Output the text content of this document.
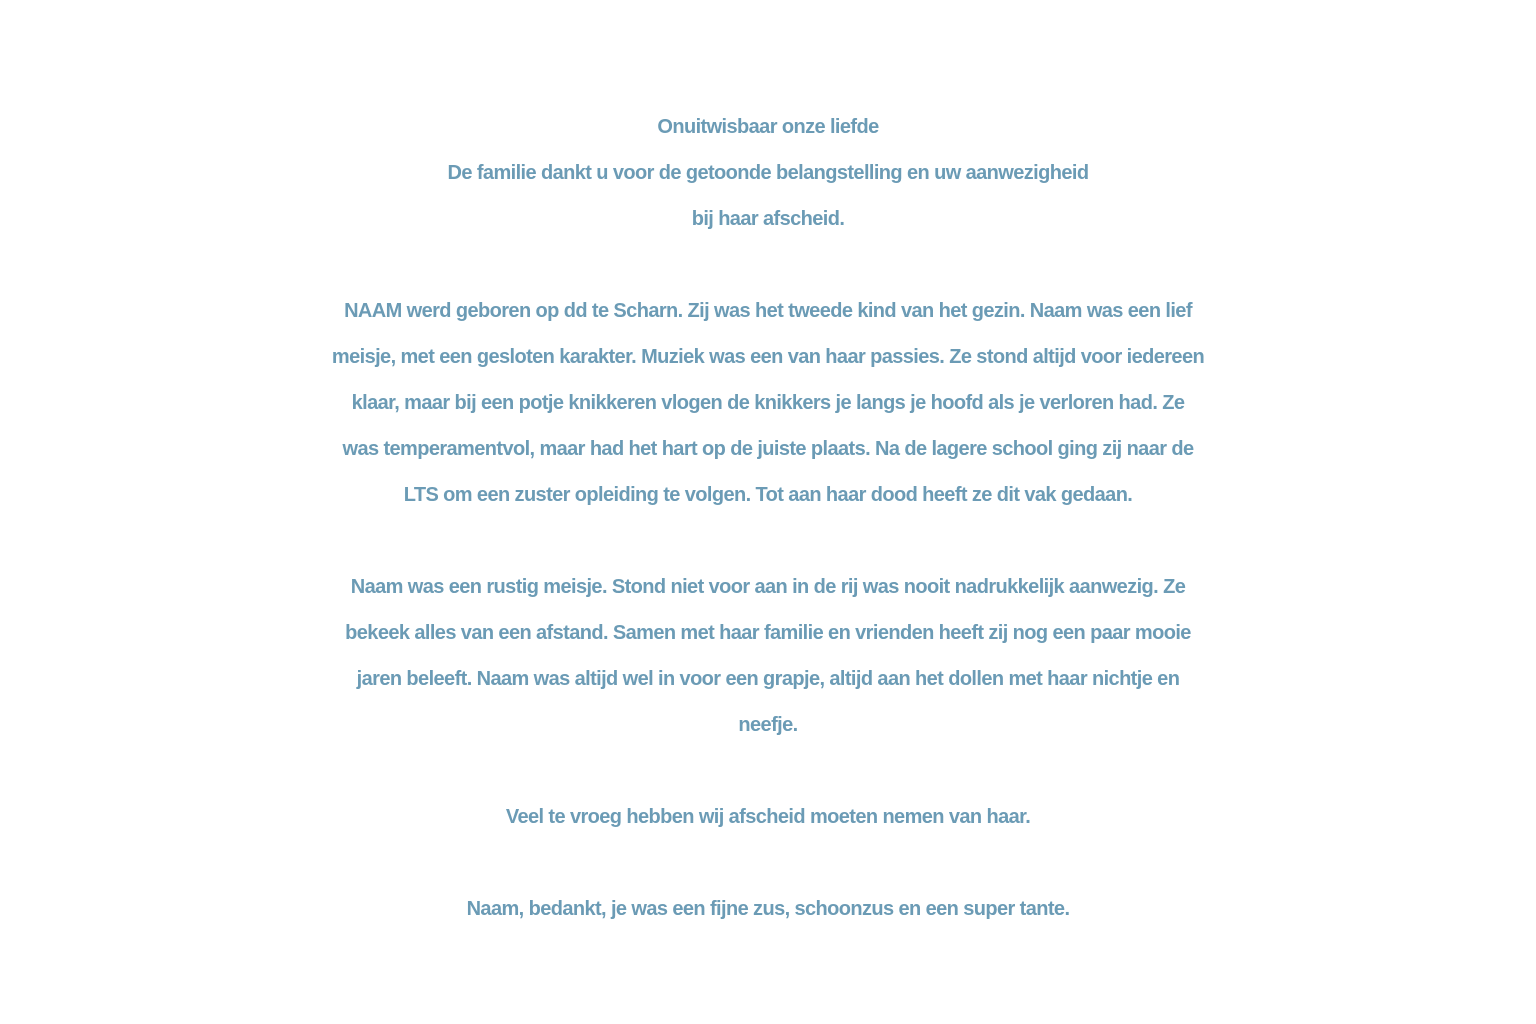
Onuitwisbaar onze liefde
De familie dankt u voor de getoonde belangstelling en uw aanwezigheid
bij haar afscheid.
NAAM werd geboren op dd te Scharn. Zij was het tweede kind van het gezin. Naam was een lief
meisje, met een gesloten karakter. Muziek was een van haar passies. Ze stond altijd voor iedereen
klaar, maar bij een potje knikkeren vlogen de knikkers je langs je hoofd als je verloren had. Ze
was temperamentvol, maar had het hart op de juiste plaats. Na de lagere school ging zij naar de
LTS om een zuster opleiding te volgen. Tot aan haar dood heeft ze dit vak gedaan.
Naam was een rustig meisje. Stond niet voor aan in de rij was nooit nadrukkelijk aanwezig. Ze
bekeek alles van een afstand. Samen met haar familie en vrienden heeft zij nog een paar mooie
jaren beleeft. Naam was altijd wel in voor een grapje, altijd aan het dollen met haar nichtje en
neefje.
Veel te vroeg hebben wij afscheid moeten nemen van haar.
Naam, bedankt, je was een fijne zus, schoonzus en een super tante.
